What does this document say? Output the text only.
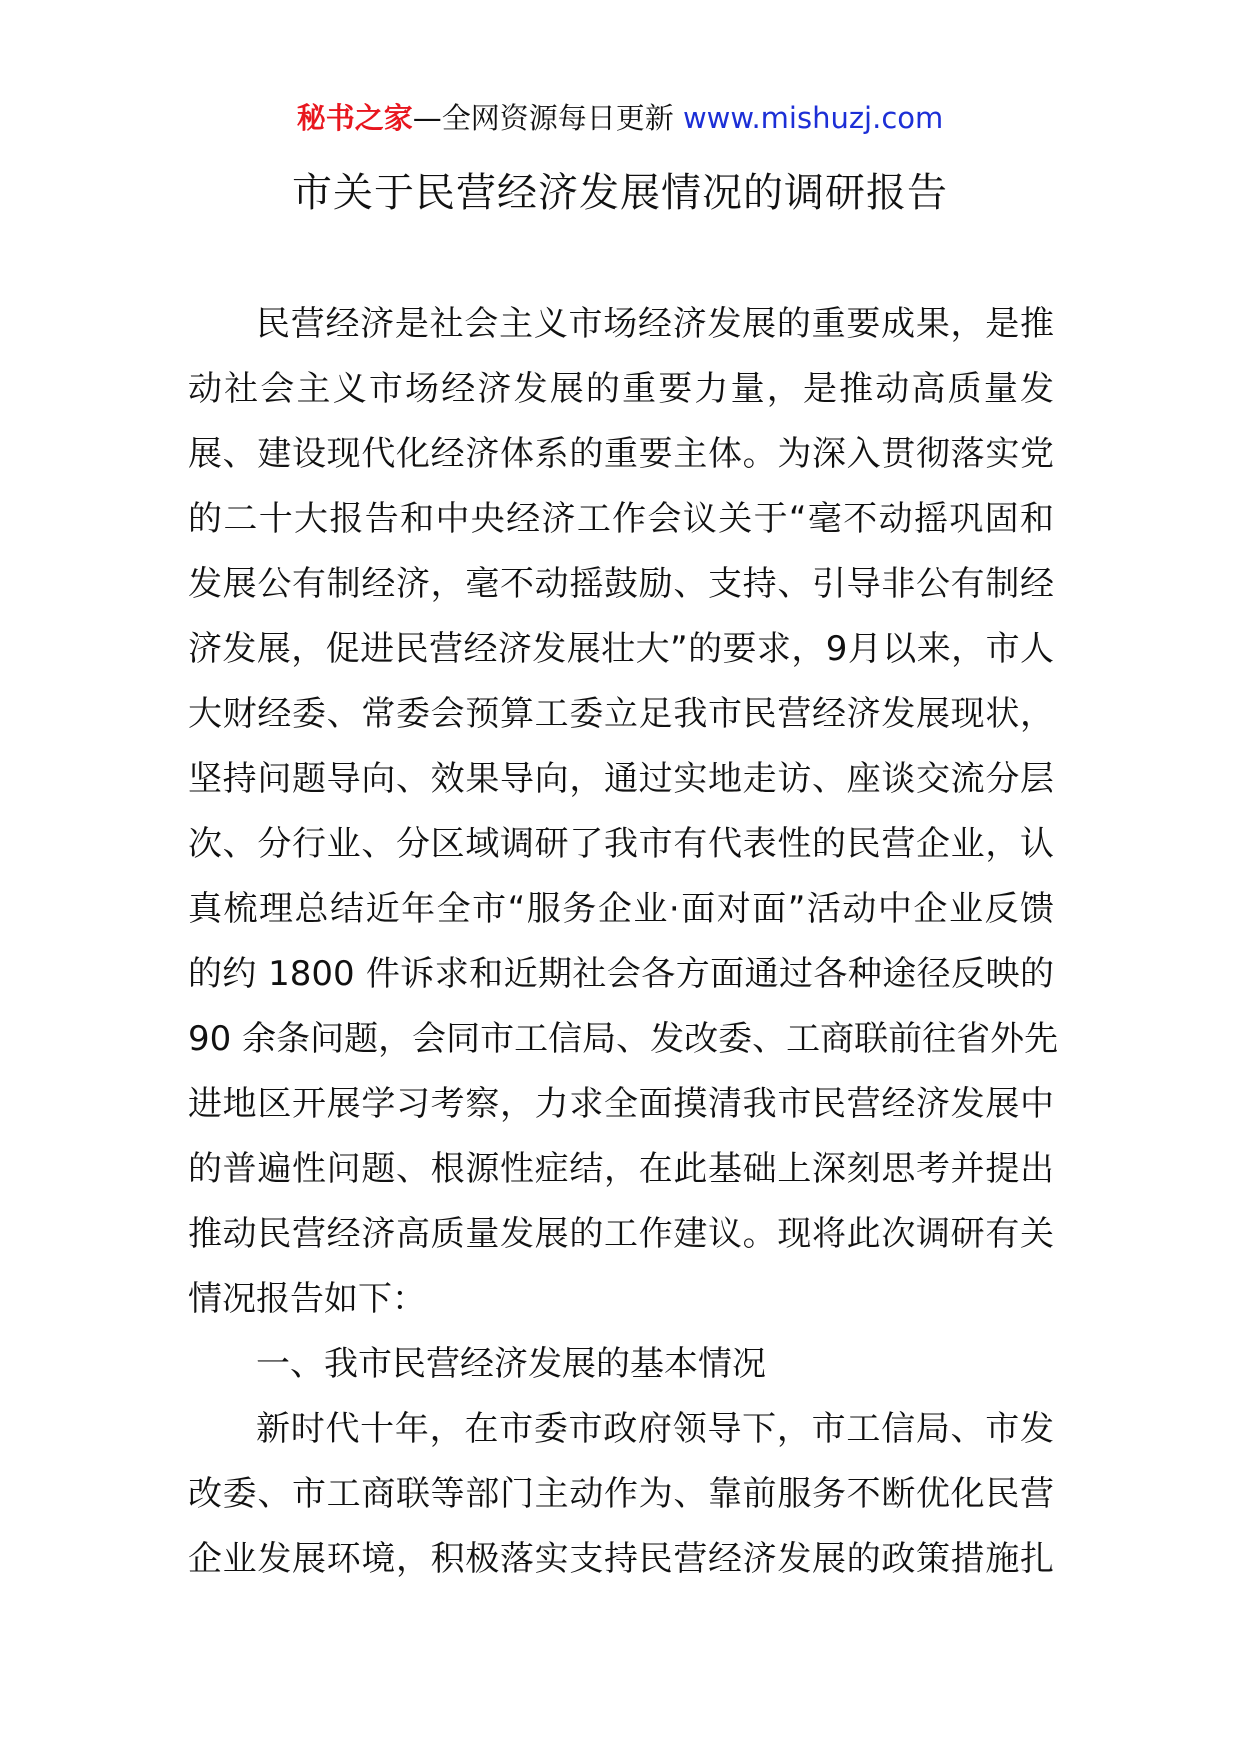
秘书之家—全网资源每日更新 www.mishuzj.com
市关于民营经济发展情况的调研报告
民营经济是社会主义市场经济发展的重要成果，是推
动社会主义市场经济发展的重要力量，是推动高质量发
展、建设现代化经济体系的重要主体。为深入贯彻落实党
的二十大报告和中央经济工作会议关于“毫不动摇巩固和
发展公有制经济，毫不动摇鼓励、支持、引导非公有制经
济发展，促进民营经济发展壮大”的要求，9月以来，市人
大财经委、常委会预算工委立足我市民营经济发展现状，
坚持问题导向、效果导向，通过实地走访、座谈交流分层
次、分行业、分区域调研了我市有代表性的民营企业，认
真梳理总结近年全市“服务企业·面对面”活动中企业反馈
的约 1800 件诉求和近期社会各方面通过各种途径反映的
90 余条问题，会同市工信局、发改委、工商联前往省外先
进地区开展学习考察，力求全面摸清我市民营经济发展中
的普遍性问题、根源性症结，在此基础上深刻思考并提出
推动民营经济高质量发展的工作建议。现将此次调研有关
情况报告如下：
一、我市民营经济发展的基本情况
新时代十年，在市委市政府领导下，市工信局、市发
改委、市工商联等部门主动作为、靠前服务不断优化民营
企业发展环境，积极落实支持民营经济发展的政策措施扎
